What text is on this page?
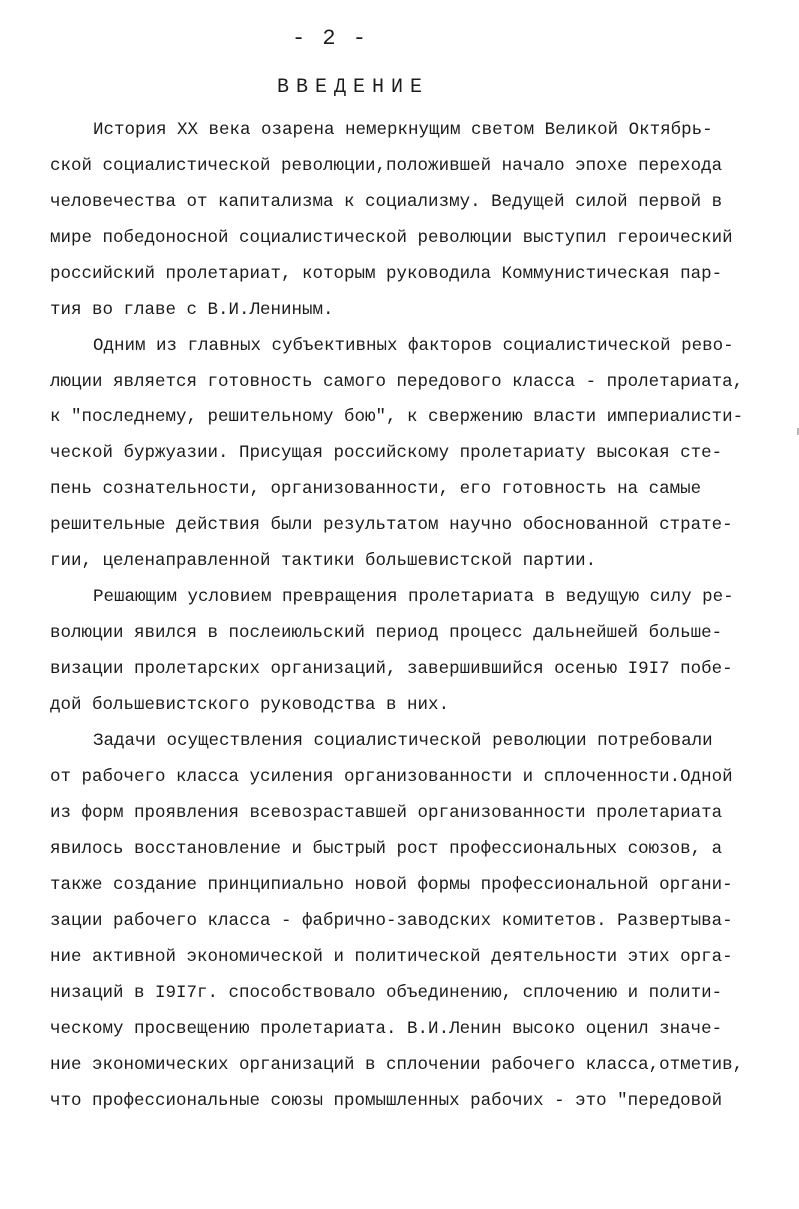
- 2 -
ВВЕДЕНИЕ
История XX века озарена немеркнущим светом Великой Октябрь-
ской социалистической революции,положившей начало эпохе перехода
человечества от капитализма к социализму. Ведущей силой первой в
мире победоносной социалистической революции выступил героический
российский пролетариат, которым руководила Коммунистическая пар-
тия во главе с В.И.Лениным.
Одним из главных субъективных факторов социалистической рево-
люции является готовность самого передового класса - пролетариата,
к "последнему, решительному бою", к свержению власти империалисти-
ческой буржуазии. Присущая российскому пролетариату высокая сте-
пень сознательности, организованности, его готовность на самые
решительные действия были результатом научно обоснованной страте-
гии, целенаправленной тактики большевистской партии.
Решающим условием превращения пролетариата в ведущую силу ре-
волюции явился в послеиюльский период процесс дальнейшей больше-
визации пролетарских организаций, завершившийся осенью I9I7 побе-
дой большевистского руководства в них.
Задачи осуществления социалистической революции потребовали
от рабочего класса усиления организованности и сплоченности.Одной
из форм проявления всевозраставшей организованности пролетариата
явилось восстановление и быстрый рост профессиональных союзов, а
также создание принципиально новой формы профессиональной органи-
зации рабочего класса - фабрично-заводских комитетов. Развертыва-
ние активной экономической и политической деятельности этих орга-
низаций в I9I7г. способствовало объединению, сплочению и полити-
ческому просвещению пролетариата. В.И.Ленин высоко оценил значе-
ние экономических организаций в сплочении рабочего класса,отметив,
что профессиональные союзы промышленных рабочих - это "передовой
